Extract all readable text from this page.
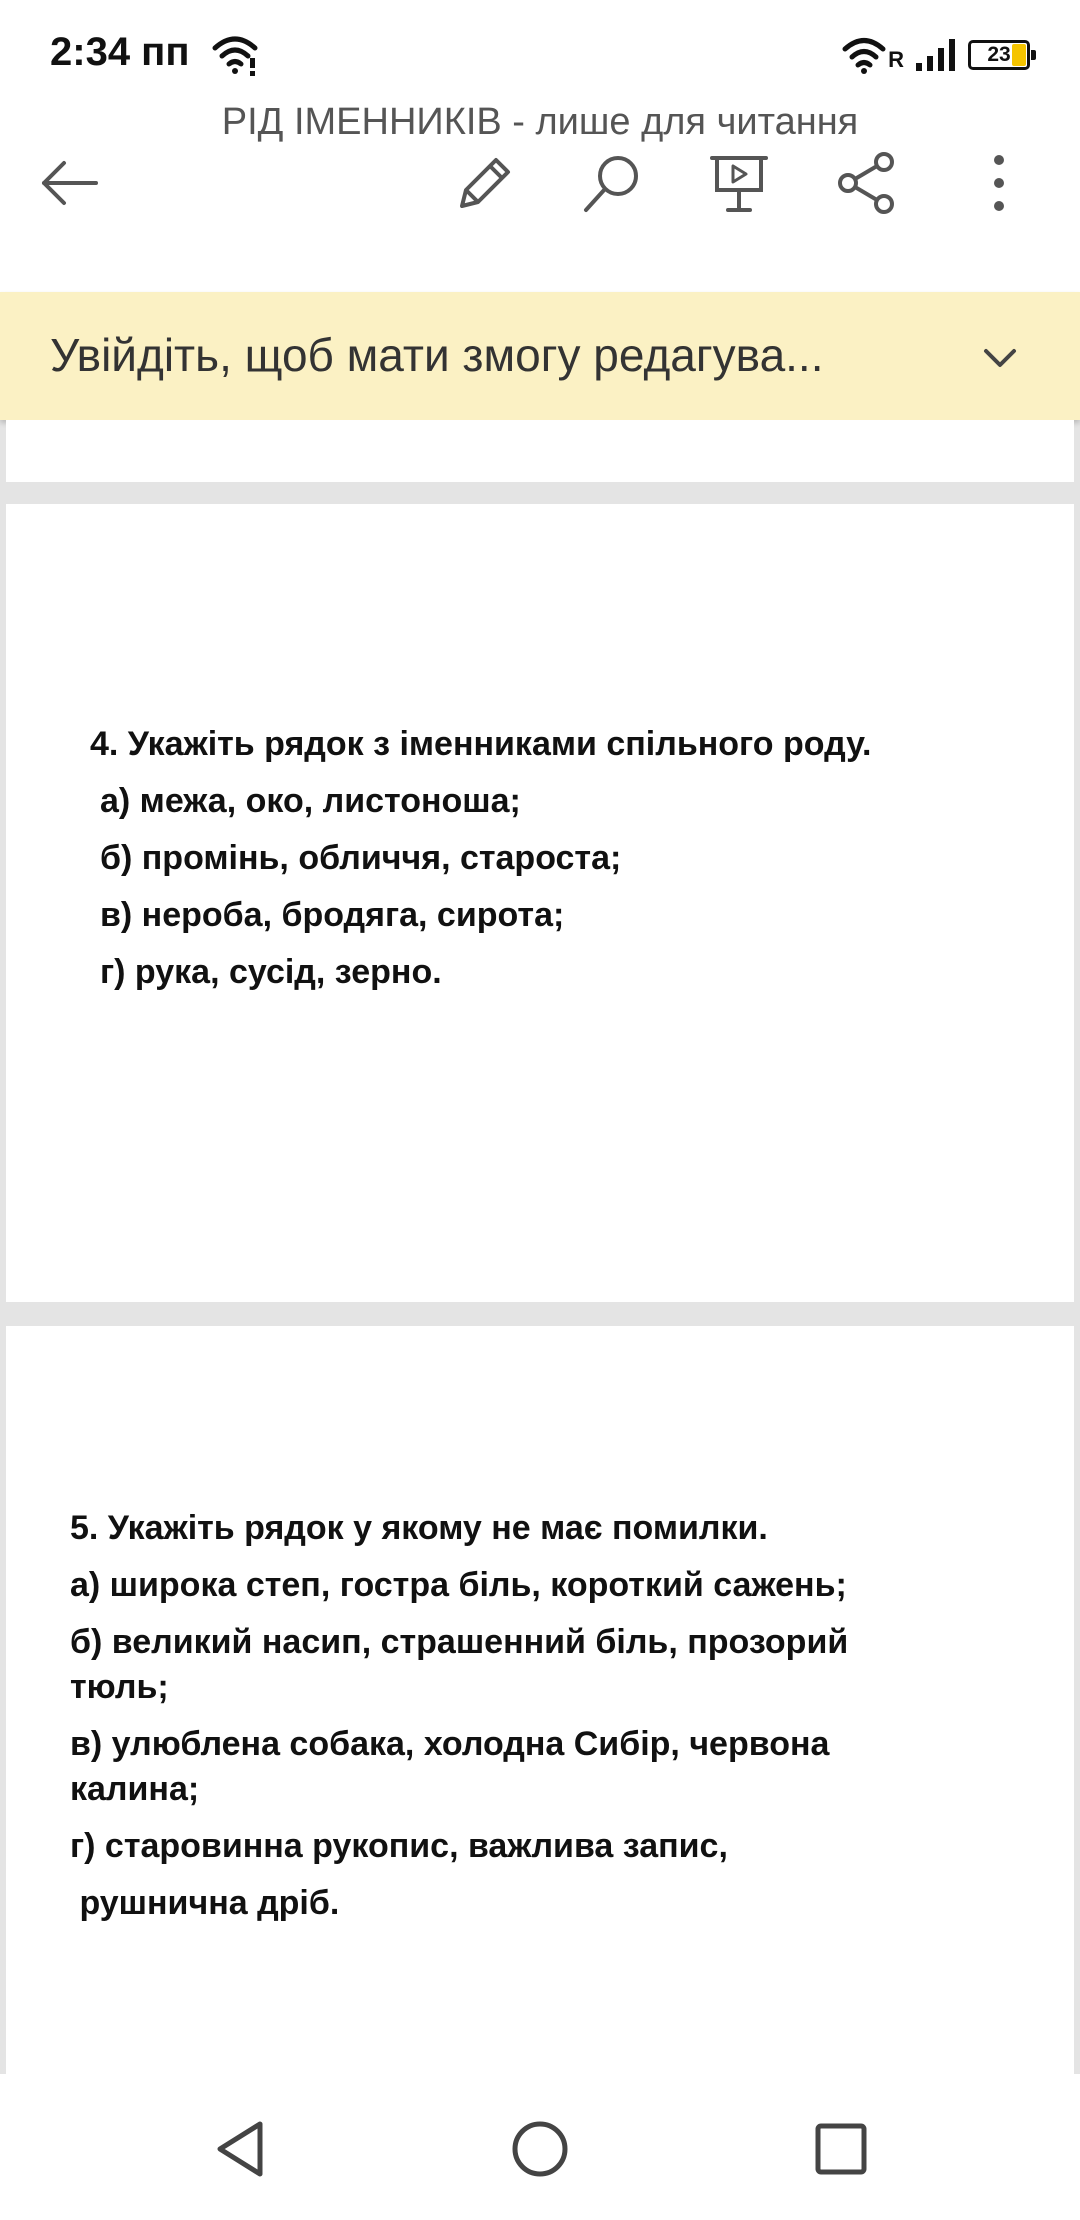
2:34 пп	R	23
РІД ІМЕННИКІВ - лише для читання
Увійдіть, щоб мати змогу редагува...
4. Укажіть рядок з іменниками спільного роду.
а) межа, око, листоноша;
б) промінь, обличчя, староста;
в) нероба, бродяга, сирота;
г) рука, сусід, зерно.
5. Укажіть рядок у якому не має помилки.
а) широка степ, гостра біль, короткий сажень;
б) великий насип, страшенний біль, прозорий
тюль;
в) улюблена собака, холодна Сибір, червона
калина;
г) старовинна рукопис, важлива запис,
рушнична дріб.
